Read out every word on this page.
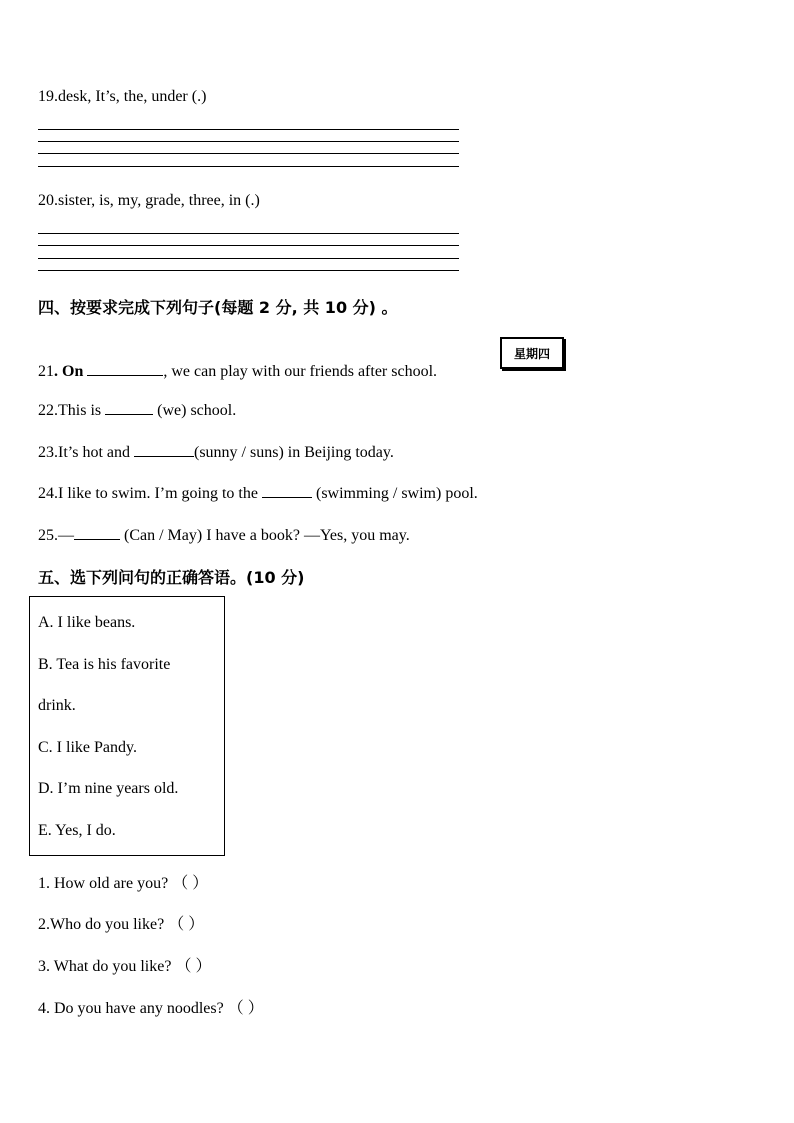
19.desk, It’s, the, under (.)
20.sister, is, my, grade, three, in (.)
四、按要求完成下列句子(每题 2 分, 共 10 分) 。
21. On	, we can play with our friends after school.
星期四
22.This is	(we) school.
23.It’s hot and	(sunny / suns) in Beijing today.
24.I like to swim. I’m going to the	(swimming / swim) pool.
25.—	(Can / May) I have a book? —Yes, you may.
五、选下列问句的正确答语。(10 分)
A. I like beans.
B. Tea is his favorite
drink.
C. I like Pandy.
D. I’m nine years old.
E. Yes, I do.
1. How old are you? （ ）
2.Who do you like? （ ）
3. What do you like? （ ）
4. Do you have any noodles? （ ）
